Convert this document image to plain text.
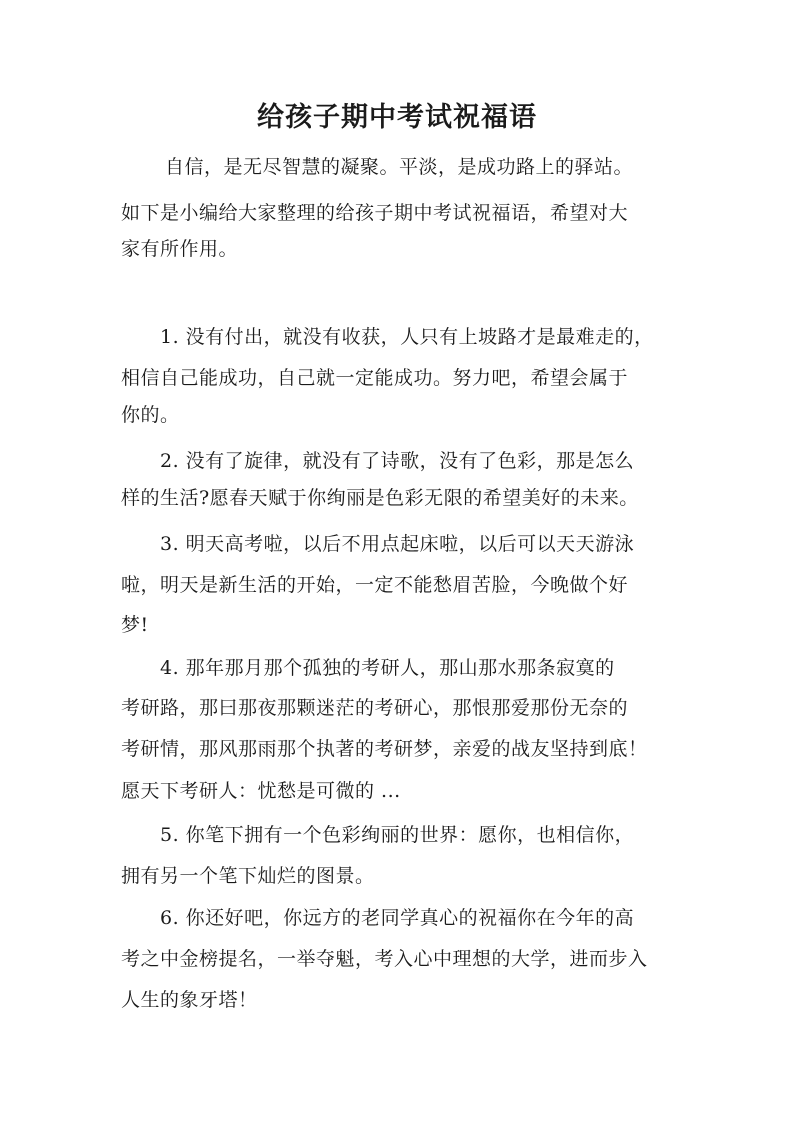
给孩子期中考试祝福语
自信，是无尽智慧的凝聚。平淡，是成功路上的驿站。
如下是小编给大家整理的给孩子期中考试祝福语，希望对大
家有所作用。
1. 没有付出，就没有收获，人只有上坡路才是最难走的，
相信自己能成功，自己就一定能成功。努力吧，希望会属于
你的。
2. 没有了旋律，就没有了诗歌，没有了色彩，那是怎么
样的生活?愿春天赋于你绚丽是色彩无限的希望美好的未来。
3. 明天高考啦，以后不用点起床啦，以后可以天天游泳
啦，明天是新生活的开始，一定不能愁眉苦脸，今晚做个好
梦!
4. 那年那月那个孤独的考研人，那山那水那条寂寞的
考研路，那曰那夜那颗迷茫的考研心，那恨那爱那份无奈的
考研情，那风那雨那个执著的考研梦，亲爱的战友坚持到底！
愿天下考研人：忧愁是可微的 ...
5. 你笔下拥有一个色彩绚丽的世界：愿你，也相信你，
拥有另一个笔下灿烂的图景。
6. 你还好吧，你远方的老同学真心的祝福你在今年的高
考之中金榜提名，一举夺魁，考入心中理想的大学，进而步入
人生的象牙塔！
